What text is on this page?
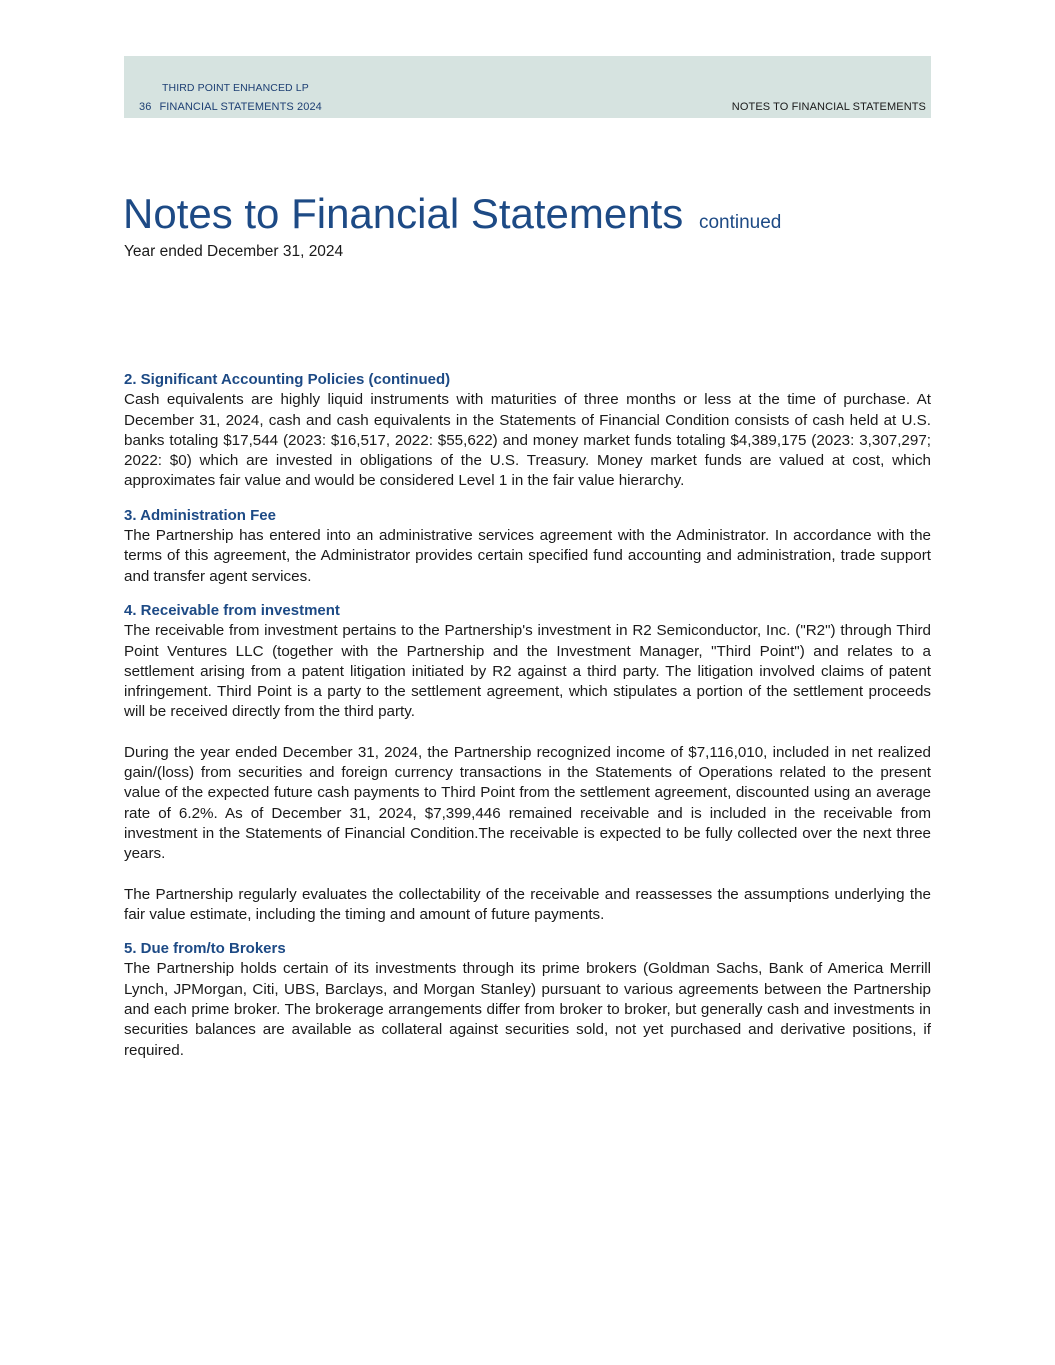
THIRD POINT ENHANCED LP
36 FINANCIAL STATEMENTS 2024	NOTES TO FINANCIAL STATEMENTS
Notes to Financial Statements continued
Year ended December 31, 2024
2. Significant Accounting Policies (continued)

Cash equivalents are highly liquid instruments with maturities of three months or less at the time of purchase. At December 31, 2024, cash and cash equivalents in the Statements of Financial Condition consists of cash held at U.S. banks totaling $17,544 (2023: $16,517, 2022: $55,622) and money market funds totaling $4,389,175 (2023: 3,307,297; 2022: $0) which are invested in obligations of the U.S. Treasury. Money market funds are valued at cost, which approximates fair value and would be considered Level 1 in the fair value hierarchy.

3. Administration Fee

The Partnership has entered into an administrative services agreement with the Administrator. In accordance with the terms of this agreement, the Administrator provides certain specified fund accounting and administration, trade support and transfer agent services.

4. Receivable from investment

The receivable from investment pertains to the Partnership's investment in R2 Semiconductor, Inc. ("R2") through Third Point Ventures LLC (together with the Partnership and the Investment Manager, "Third Point") and relates to a settlement arising from a patent litigation initiated by R2 against a third party. The litigation involved claims of patent infringement. Third Point is a party to the settlement agreement, which stipulates a portion of the settlement proceeds will be received directly from the third party.

During the year ended December 31, 2024, the Partnership recognized income of $7,116,010, included in net realized gain/(loss) from securities and foreign currency transactions in the Statements of Operations related to the present value of the expected future cash payments to Third Point from the settlement agreement, discounted using an average rate of 6.2%. As of December 31, 2024, $7,399,446 remained receivable and is included in the receivable from investment in the Statements of Financial Condition.The receivable is expected to be fully collected over the next three years.

The Partnership regularly evaluates the collectability of the receivable and reassesses the assumptions underlying the fair value estimate, including the timing and amount of future payments.

5. Due from/to Brokers

The Partnership holds certain of its investments through its prime brokers (Goldman Sachs, Bank of America Merrill Lynch, JPMorgan, Citi, UBS, Barclays, and Morgan Stanley) pursuant to various agreements between the Partnership and each prime broker. The brokerage arrangements differ from broker to broker, but generally cash and investments in securities balances are available as collateral against securities sold, not yet purchased and derivative positions, if required.
